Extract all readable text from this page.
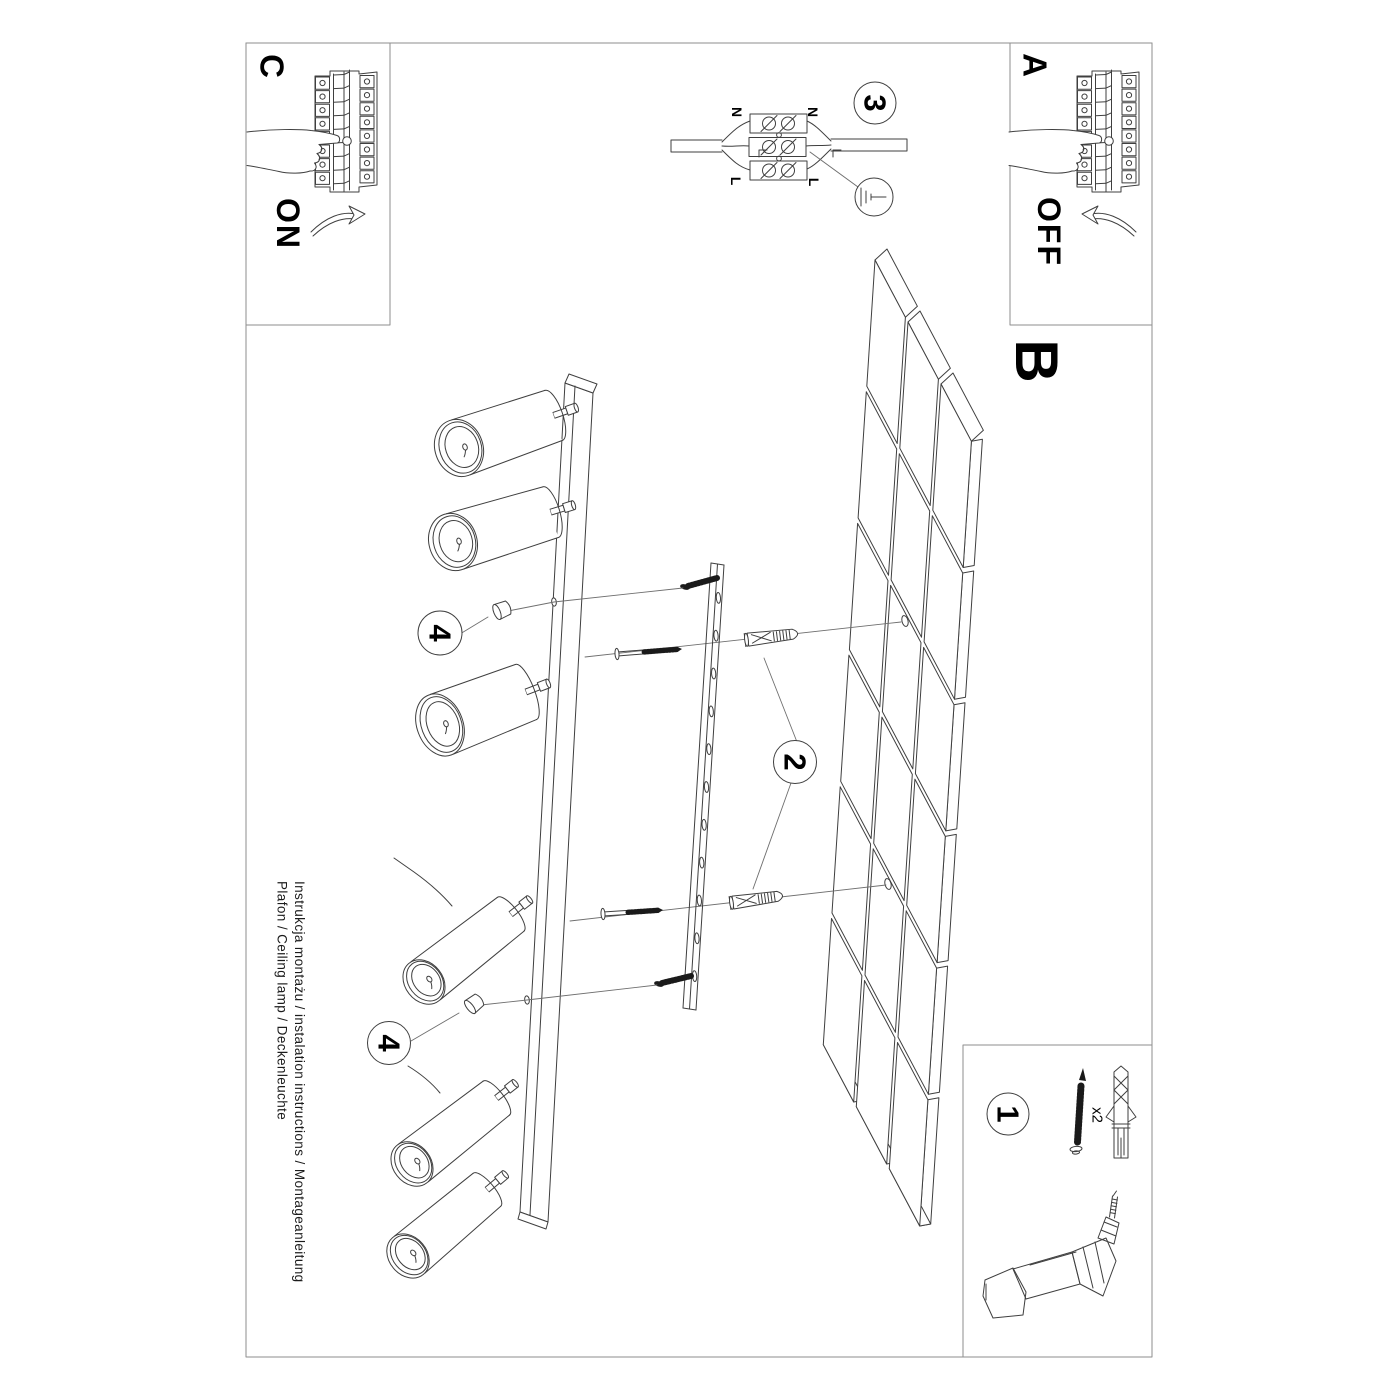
C
ON
A
OFF
B
3
2
4
4
1
N	N
L	L
x2
Instrukcja montażu / instalation instructions / Montageanleitung
Plafon / Ceiling lamp / Deckenleuchte
